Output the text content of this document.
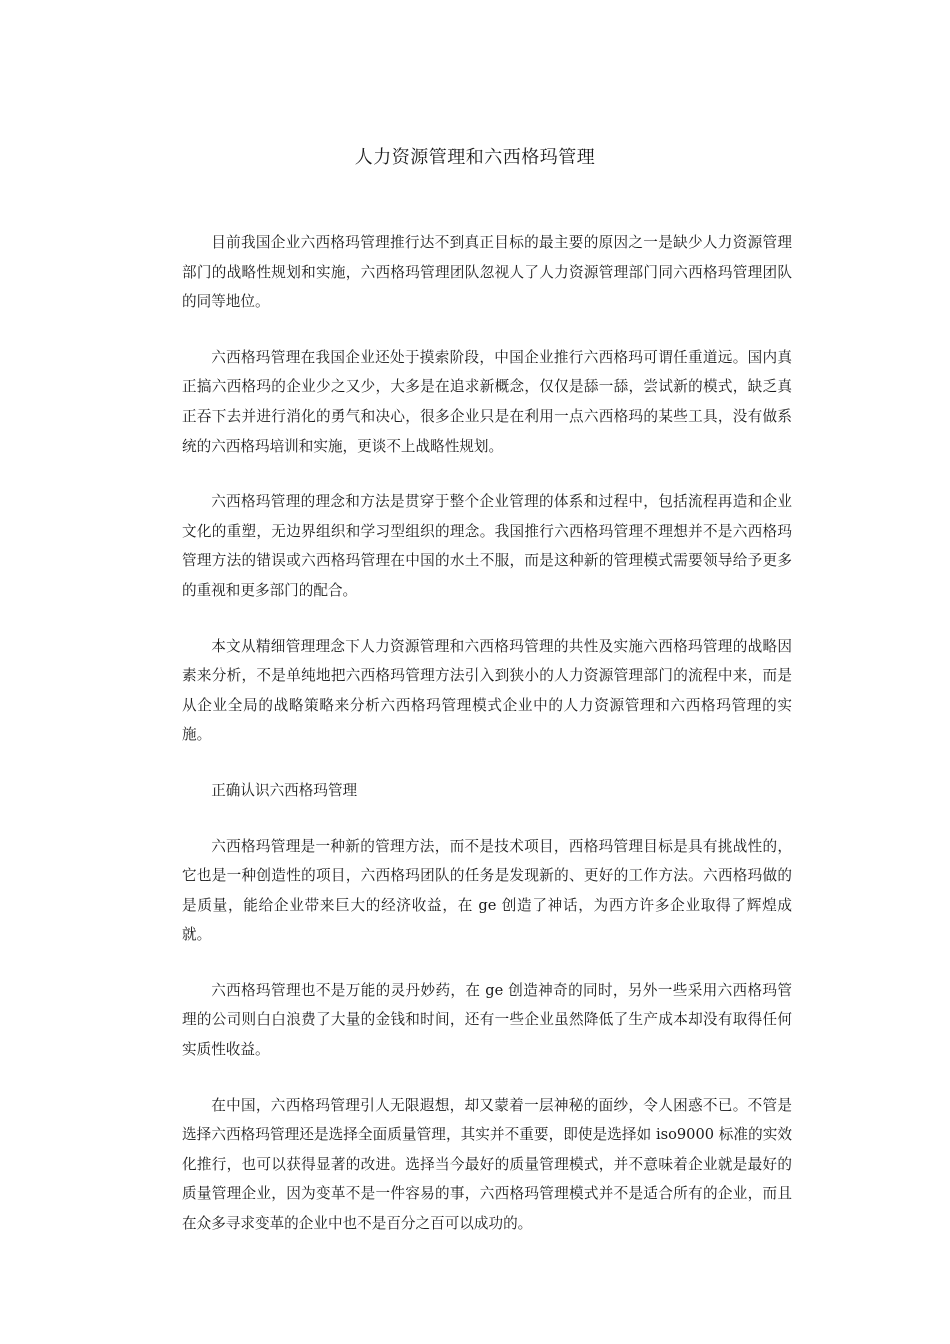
人力资源管理和六西格玛管理

目前我国企业六西格玛管理推行达不到真正目标的最主要的原因之一是缺少人力资源管理部门的战略性规划和实施，六西格玛管理团队忽视人了人力资源管理部门同六西格玛管理团队的同等地位。

六西格玛管理在我国企业还处于摸索阶段，中国企业推行六西格玛可谓任重道远。国内真正搞六西格玛的企业少之又少，大多是在追求新概念，仅仅是舔一舔，尝试新的模式，缺乏真正吞下去并进行消化的勇气和决心，很多企业只是在利用一点六西格玛的某些工具，没有做系统的六西格玛培训和实施，更谈不上战略性规划。

六西格玛管理的理念和方法是贯穿于整个企业管理的体系和过程中，包括流程再造和企业文化的重塑，无边界组织和学习型组织的理念。我国推行六西格玛管理不理想并不是六西格玛管理方法的错误或六西格玛管理在中国的水土不服，而是这种新的管理模式需要领导给予更多的重视和更多部门的配合。

本文从精细管理理念下人力资源管理和六西格玛管理的共性及实施六西格玛管理的战略因素来分析，不是单纯地把六西格玛管理方法引入到狭小的人力资源管理部门的流程中来，而是从企业全局的战略策略来分析六西格玛管理模式企业中的人力资源管理和六西格玛管理的实施。

正确认识六西格玛管理

六西格玛管理是一种新的管理方法，而不是技术项目，西格玛管理目标是具有挑战性的，它也是一种创造性的项目，六西格玛团队的任务是发现新的、更好的工作方法。六西格玛做的是质量，能给企业带来巨大的经济收益，在 ge 创造了神话，为西方许多企业取得了辉煌成就。

六西格玛管理也不是万能的灵丹妙药，在 ge 创造神奇的同时，另外一些采用六西格玛管理的公司则白白浪费了大量的金钱和时间，还有一些企业虽然降低了生产成本却没有取得任何实质性收益。

在中国，六西格玛管理引人无限遐想，却又蒙着一层神秘的面纱，令人困惑不已。不管是选择六西格玛管理还是选择全面质量管理，其实并不重要，即使是选择如 iso9000 标准的实效化推行，也可以获得显著的改进。选择当今最好的质量管理模式，并不意味着企业就是最好的质量管理企业，因为变革不是一件容易的事，六西格玛管理模式并不是适合所有的企业，而且在众多寻求变革的企业中也不是百分之百可以成功的。
